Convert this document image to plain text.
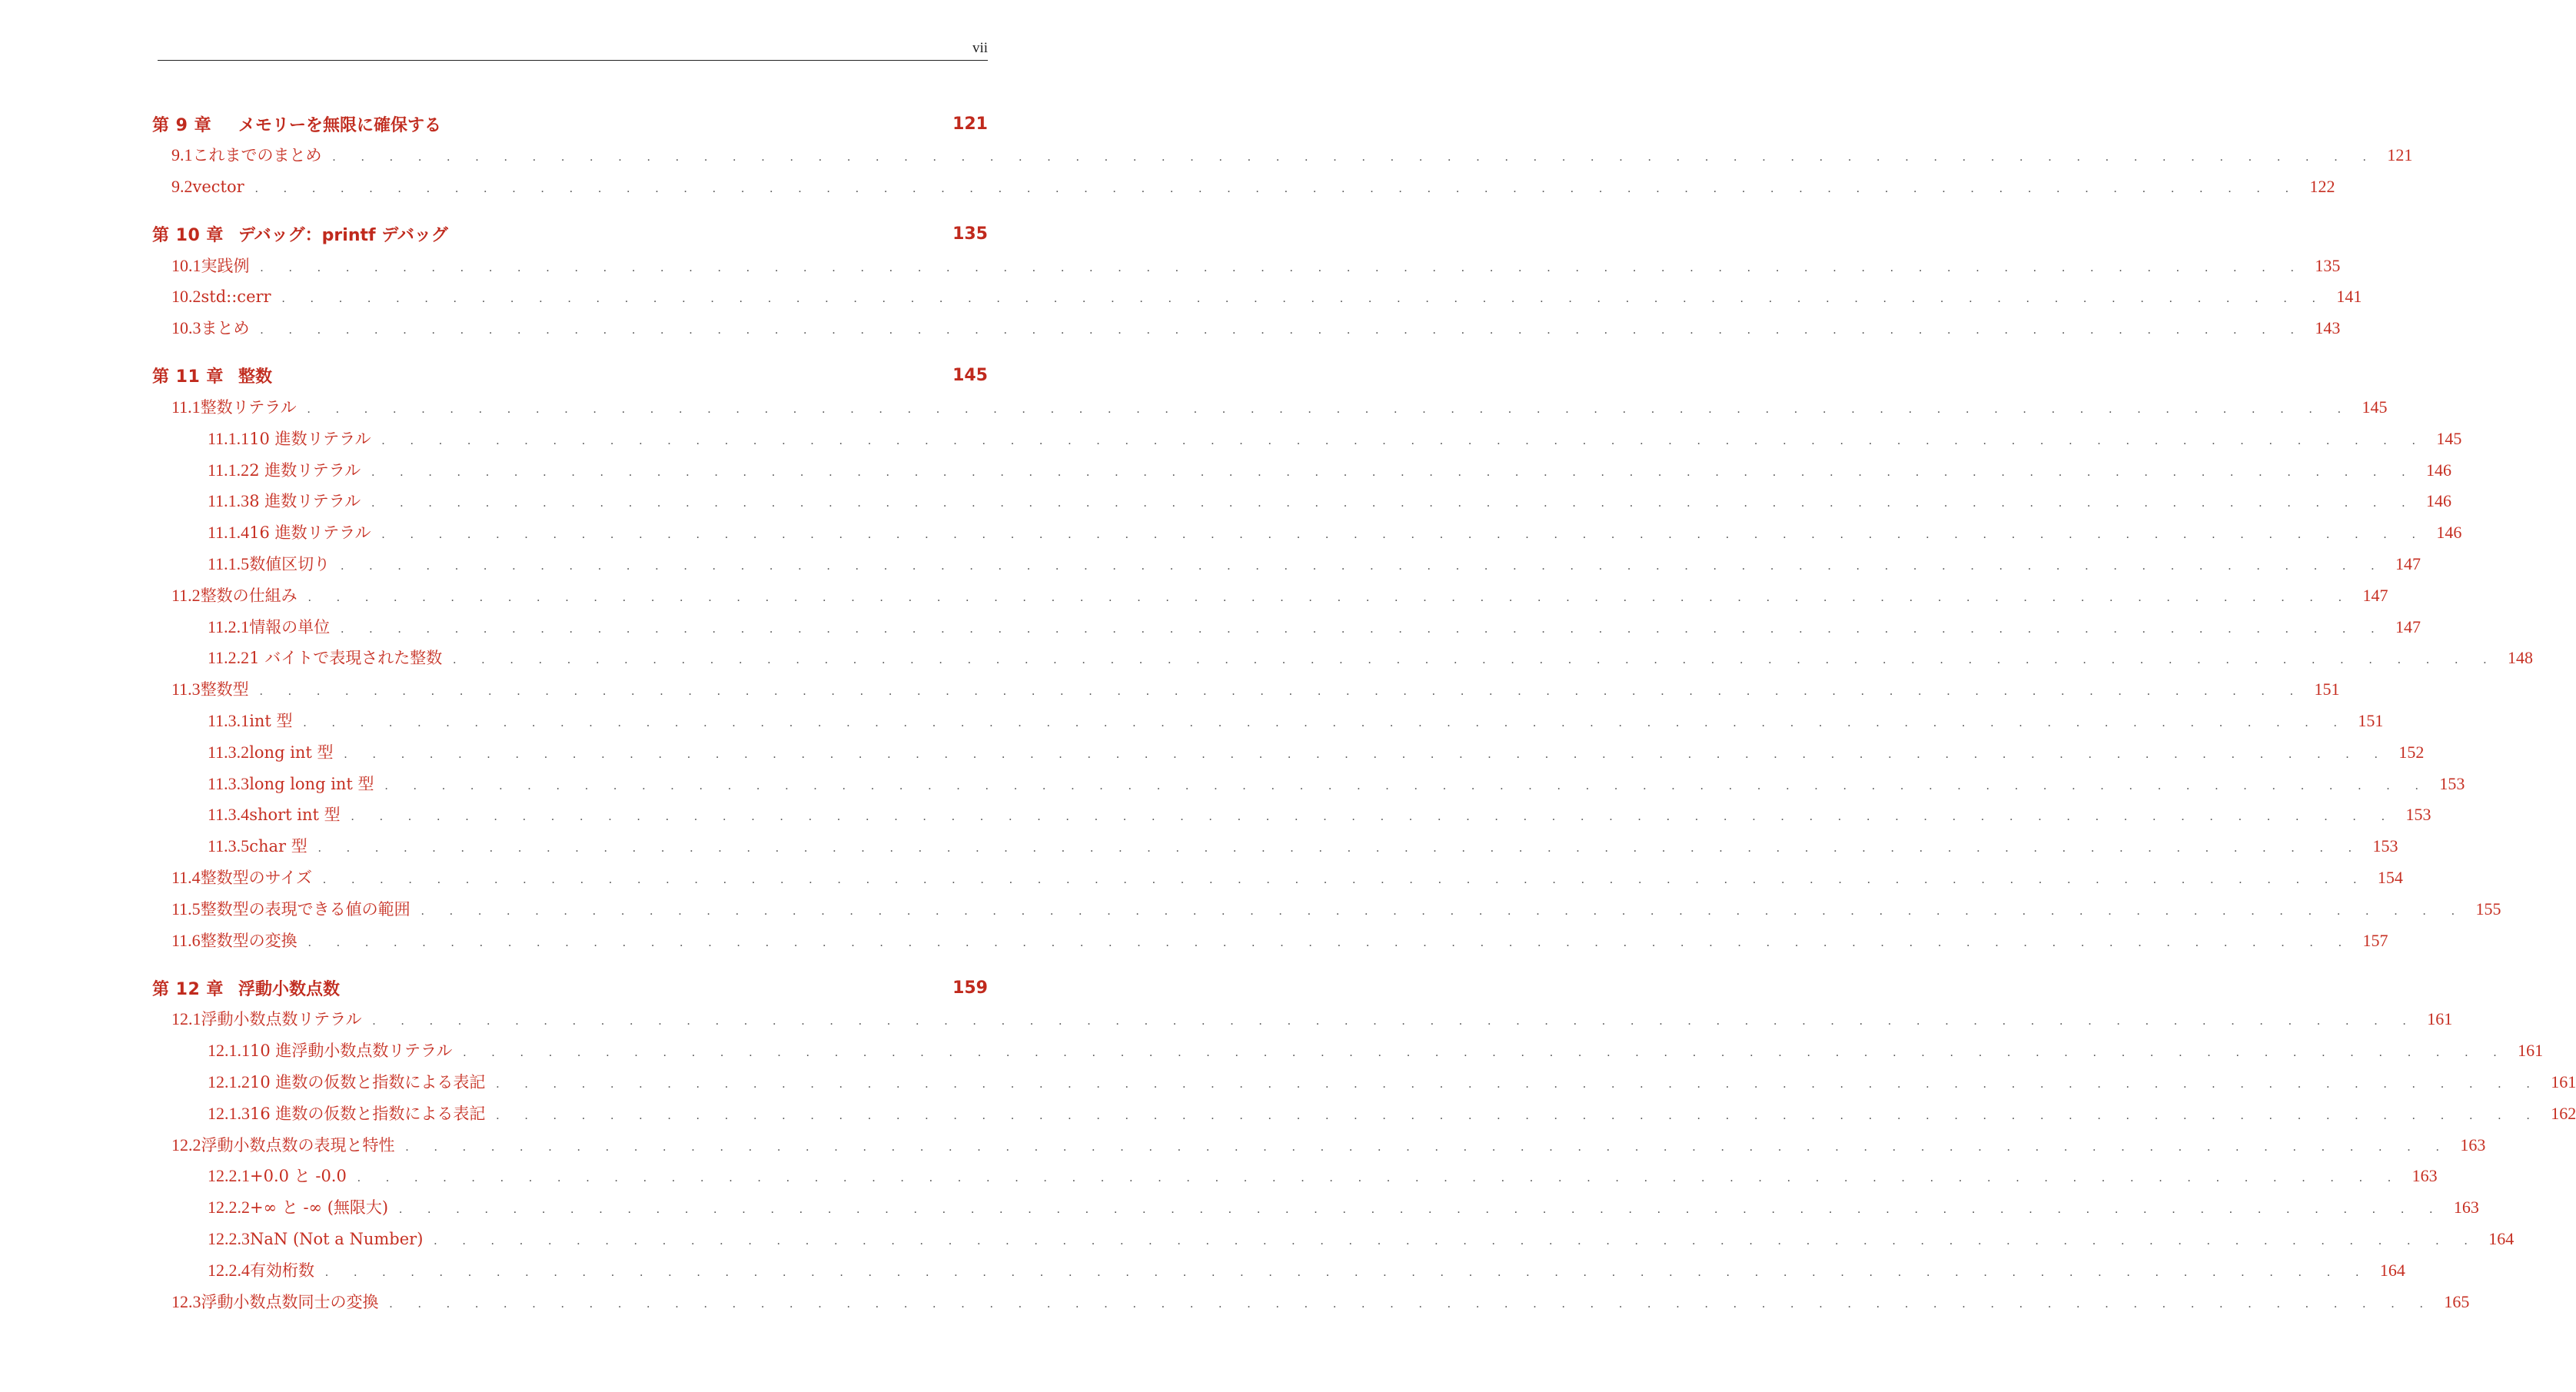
vii
第 9 章	メモリーを無限に確保する	121
9.1 これまでのまとめ . . . . . . . . . . . . . . . . . . . . . . . . . . . . . . . . . . . . . . . . . . . . . . . . . . . . . . . . . . . . . . . . . . . . . . . . 121
9.2 vector . . . . . . . . . . . . . . . . . . . . . . . . . . . . . . . . . . . . . . . . . . . . . . . . . . . . . . . . . . . . . . . . . . . . . . . . 122
第 10 章 デバッグ：printf デバッグ	135
10.1 実践例 . . . . . . . . . . . . . . . . . . . . . . . . . . . . . . . . . . . . . . . . . . . . . . . . . . . . . . . . . . . . . . . . . . . . . . . . 135
10.2 std::cerr . . . . . . . . . . . . . . . . . . . . . . . . . . . . . . . . . . . . . . . . . . . . . . . . . . . . . . . . . . . . . . . . . . . . . . . . 141
10.3 まとめ . . . . . . . . . . . . . . . . . . . . . . . . . . . . . . . . . . . . . . . . . . . . . . . . . . . . . . . . . . . . . . . . . . . . . . . . 143
第 11 章 整数	145
11.1 整数リテラル . . . . . . . . . . . . . . . . . . . . . . . . . . . . . . . . . . . . . . . . . . . . . . . . . . . . . . . . . . . . . . . . . . . . . . . . 145
11.1.1 10 進数リテラル . . . . . . . . . . . . . . . . . . . . . . . . . . . . . . . . . . . . . . . . . . . . . . . . . . . . . . . . . . . . . . . . . . . . . . . . 145
11.1.2 2 進数リテラル . . . . . . . . . . . . . . . . . . . . . . . . . . . . . . . . . . . . . . . . . . . . . . . . . . . . . . . . . . . . . . . . . . . . . . . . 146
11.1.3 8 進数リテラル . . . . . . . . . . . . . . . . . . . . . . . . . . . . . . . . . . . . . . . . . . . . . . . . . . . . . . . . . . . . . . . . . . . . . . . . 146
11.1.4 16 進数リテラル . . . . . . . . . . . . . . . . . . . . . . . . . . . . . . . . . . . . . . . . . . . . . . . . . . . . . . . . . . . . . . . . . . . . . . . . 146
11.1.5 数値区切り . . . . . . . . . . . . . . . . . . . . . . . . . . . . . . . . . . . . . . . . . . . . . . . . . . . . . . . . . . . . . . . . . . . . . . . . 147
11.2 整数の仕組み . . . . . . . . . . . . . . . . . . . . . . . . . . . . . . . . . . . . . . . . . . . . . . . . . . . . . . . . . . . . . . . . . . . . . . . . 147
11.2.1 情報の単位 . . . . . . . . . . . . . . . . . . . . . . . . . . . . . . . . . . . . . . . . . . . . . . . . . . . . . . . . . . . . . . . . . . . . . . . . 147
11.2.2 1 バイトで表現された整数 . . . . . . . . . . . . . . . . . . . . . . . . . . . . . . . . . . . . . . . . . . . . . . . . . . . . . . . . . . . . . . . . . . . . . . . . 148
11.3 整数型 . . . . . . . . . . . . . . . . . . . . . . . . . . . . . . . . . . . . . . . . . . . . . . . . . . . . . . . . . . . . . . . . . . . . . . . . 151
11.3.1 int 型 . . . . . . . . . . . . . . . . . . . . . . . . . . . . . . . . . . . . . . . . . . . . . . . . . . . . . . . . . . . . . . . . . . . . . . . . 151
11.3.2 long int 型 . . . . . . . . . . . . . . . . . . . . . . . . . . . . . . . . . . . . . . . . . . . . . . . . . . . . . . . . . . . . . . . . . . . . . . . . 152
11.3.3 long long int 型 . . . . . . . . . . . . . . . . . . . . . . . . . . . . . . . . . . . . . . . . . . . . . . . . . . . . . . . . . . . . . . . . . . . . . . . . 153
11.3.4 short int 型 . . . . . . . . . . . . . . . . . . . . . . . . . . . . . . . . . . . . . . . . . . . . . . . . . . . . . . . . . . . . . . . . . . . . . . . . 153
11.3.5 char 型 . . . . . . . . . . . . . . . . . . . . . . . . . . . . . . . . . . . . . . . . . . . . . . . . . . . . . . . . . . . . . . . . . . . . . . . . 153
11.4 整数型のサイズ . . . . . . . . . . . . . . . . . . . . . . . . . . . . . . . . . . . . . . . . . . . . . . . . . . . . . . . . . . . . . . . . . . . . . . . . 154
11.5 整数型の表現できる値の範囲 . . . . . . . . . . . . . . . . . . . . . . . . . . . . . . . . . . . . . . . . . . . . . . . . . . . . . . . . . . . . . . . . . . . . . . . . 155
11.6 整数型の変換 . . . . . . . . . . . . . . . . . . . . . . . . . . . . . . . . . . . . . . . . . . . . . . . . . . . . . . . . . . . . . . . . . . . . . . . . 157
第 12 章 浮動小数点数	159
12.1 浮動小数点数リテラル . . . . . . . . . . . . . . . . . . . . . . . . . . . . . . . . . . . . . . . . . . . . . . . . . . . . . . . . . . . . . . . . . . . . . . . . 161
12.1.1 10 進浮動小数点数リテラル . . . . . . . . . . . . . . . . . . . . . . . . . . . . . . . . . . . . . . . . . . . . . . . . . . . . . . . . . . . . . . . . . . . . . . . . 161
12.1.2 10 進数の仮数と指数による表記 . . . . . . . . . . . . . . . . . . . . . . . . . . . . . . . . . . . . . . . . . . . . . . . . . . . . . . . . . . . . . . . . . . . . . . . . 161
12.1.3 16 進数の仮数と指数による表記 . . . . . . . . . . . . . . . . . . . . . . . . . . . . . . . . . . . . . . . . . . . . . . . . . . . . . . . . . . . . . . . . . . . . . . . . 162
12.2 浮動小数点数の表現と特性 . . . . . . . . . . . . . . . . . . . . . . . . . . . . . . . . . . . . . . . . . . . . . . . . . . . . . . . . . . . . . . . . . . . . . . . . 163
12.2.1 +0.0 と -0.0 . . . . . . . . . . . . . . . . . . . . . . . . . . . . . . . . . . . . . . . . . . . . . . . . . . . . . . . . . . . . . . . . . . . . . . . . 163
12.2.2 +∞ と -∞ (無限大) . . . . . . . . . . . . . . . . . . . . . . . . . . . . . . . . . . . . . . . . . . . . . . . . . . . . . . . . . . . . . . . . . . . . . . . . 163
12.2.3 NaN (Not a Number) . . . . . . . . . . . . . . . . . . . . . . . . . . . . . . . . . . . . . . . . . . . . . . . . . . . . . . . . . . . . . . . . . . . . . . . . 164
12.2.4 有効桁数 . . . . . . . . . . . . . . . . . . . . . . . . . . . . . . . . . . . . . . . . . . . . . . . . . . . . . . . . . . . . . . . . . . . . . . . . 164
12.3 浮動小数点数同士の変換 . . . . . . . . . . . . . . . . . . . . . . . . . . . . . . . . . . . . . . . . . . . . . . . . . . . . . . . . . . . . . . . . . . . . . . . . 165
